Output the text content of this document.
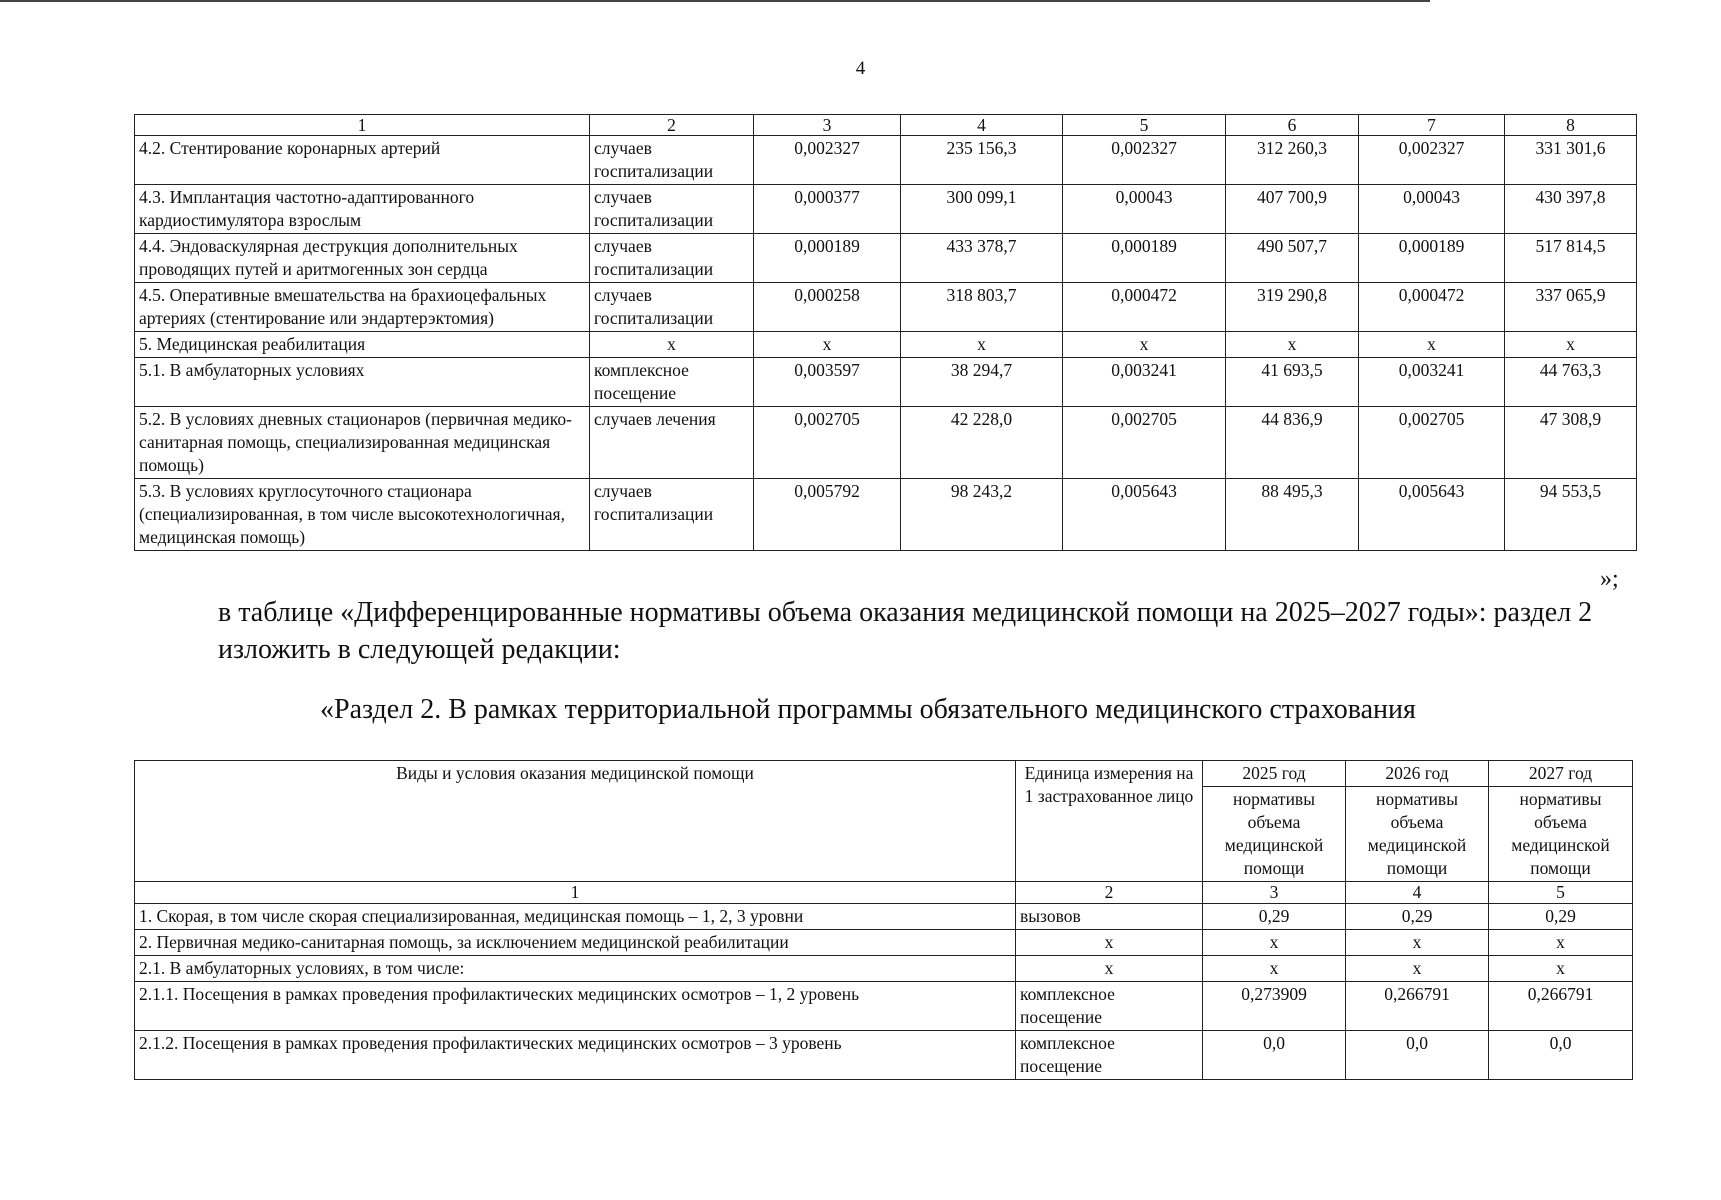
4
1	2	3	4	5	6	7	8
4.2. Стентирование коронарных артерий	случаев госпитализации	0,002327	235 156,3	0,002327	312 260,3	0,002327	331 301,6
4.3. Имплантация частотно-адаптированного кардиостимулятора взрослым	случаев госпитализации	0,000377	300 099,1	0,00043	407 700,9	0,00043	430 397,8
4.4. Эндоваскулярная деструкция дополнительных проводящих путей и аритмогенных зон сердца	случаев госпитализации	0,000189	433 378,7	0,000189	490 507,7	0,000189	517 814,5
4.5. Оперативные вмешательства на брахиоцефальных артериях (стентирование или эндартерэктомия)	случаев госпитализации	0,000258	318 803,7	0,000472	319 290,8	0,000472	337 065,9
5. Медицинская реабилитация	х	х	х	х	х	х	х
5.1. В амбулаторных условиях	комплексное посещение	0,003597	38 294,7	0,003241	41 693,5	0,003241	44 763,3
5.2. В условиях дневных стационаров (первичная медико-санитарная помощь, специализированная медицинская помощь)	случаев лечения	0,002705	42 228,0	0,002705	44 836,9	0,002705	47 308,9
5.3. В условиях круглосуточного стационара (специализированная, в том числе высокотехнологичная, медицинская помощь)	случаев госпитализации	0,005792	98 243,2	0,005643	88 495,3	0,005643	94 553,5
»;
в таблице «Дифференцированные нормативы объема оказания медицинской помощи на 2025–2027 годы»: раздел 2 изложить в следующей редакции:
«Раздел 2. В рамках территориальной программы обязательного медицинского страхования
Виды и условия оказания медицинской помощи	Единица измерения на 1 застрахованное лицо	2025 год	2026 год	2027 год
		нормативы объема медицинской помощи	нормативы объема медицинской помощи	нормативы объема медицинской помощи
1	2	3	4	5
1. Скорая, в том числе скорая специализированная, медицинская помощь – 1, 2, 3 уровни	вызовов	0,29	0,29	0,29
2. Первичная медико-санитарная помощь, за исключением медицинской реабилитации	х	х	х	х
2.1. В амбулаторных условиях, в том числе:	х	х	х	х
2.1.1. Посещения в рамках проведения профилактических медицинских осмотров – 1, 2 уровень	комплексное посещение	0,273909	0,266791	0,266791
2.1.2. Посещения в рамках проведения профилактических медицинских осмотров – 3 уровень	комплексное посещение	0,0	0,0	0,0
